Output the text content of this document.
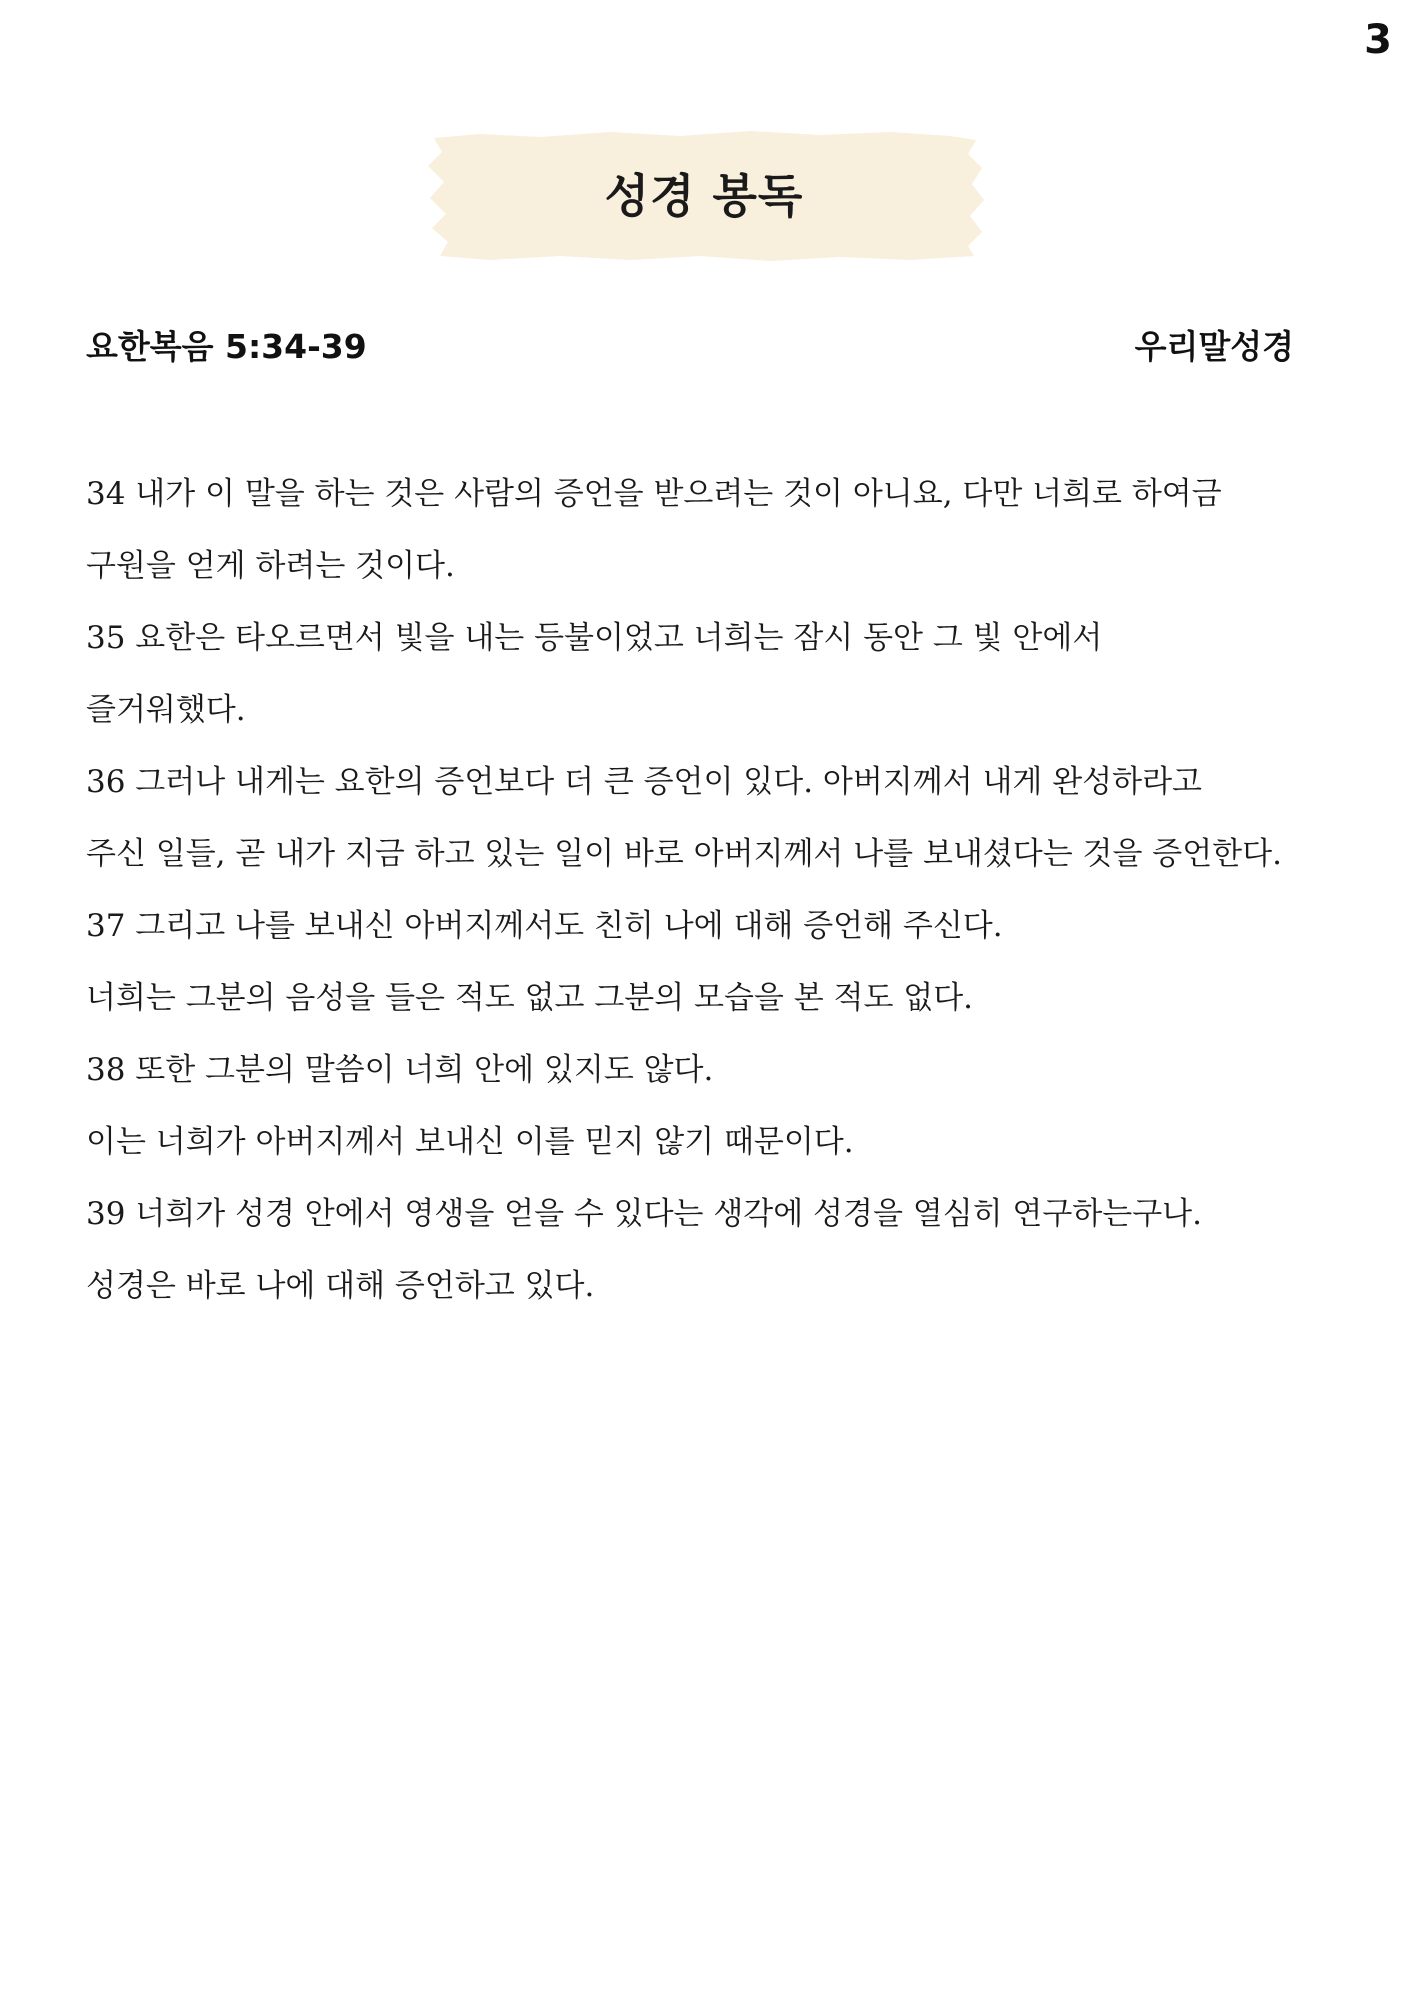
3
성경 봉독
요한복음 5:34-39	우리말성경
34 내가 이 말을 하는 것은 사람의 증언을 받으려는 것이 아니요, 다만 너희로 하여금
구원을 얻게 하려는 것이다.
35 요한은 타오르면서 빛을 내는 등불이었고 너희는 잠시 동안 그 빛 안에서
즐거워했다.
36 그러나 내게는 요한의 증언보다 더 큰 증언이 있다. 아버지께서 내게 완성하라고
주신 일들, 곧 내가 지금 하고 있는 일이 바로 아버지께서 나를 보내셨다는 것을 증언한다.
37 그리고 나를 보내신 아버지께서도 친히 나에 대해 증언해 주신다.
너희는 그분의 음성을 들은 적도 없고 그분의 모습을 본 적도 없다.
38 또한 그분의 말씀이 너희 안에 있지도 않다.
이는 너희가 아버지께서 보내신 이를 믿지 않기 때문이다.
39 너희가 성경 안에서 영생을 얻을 수 있다는 생각에 성경을 열심히 연구하는구나.
성경은 바로 나에 대해 증언하고 있다.
